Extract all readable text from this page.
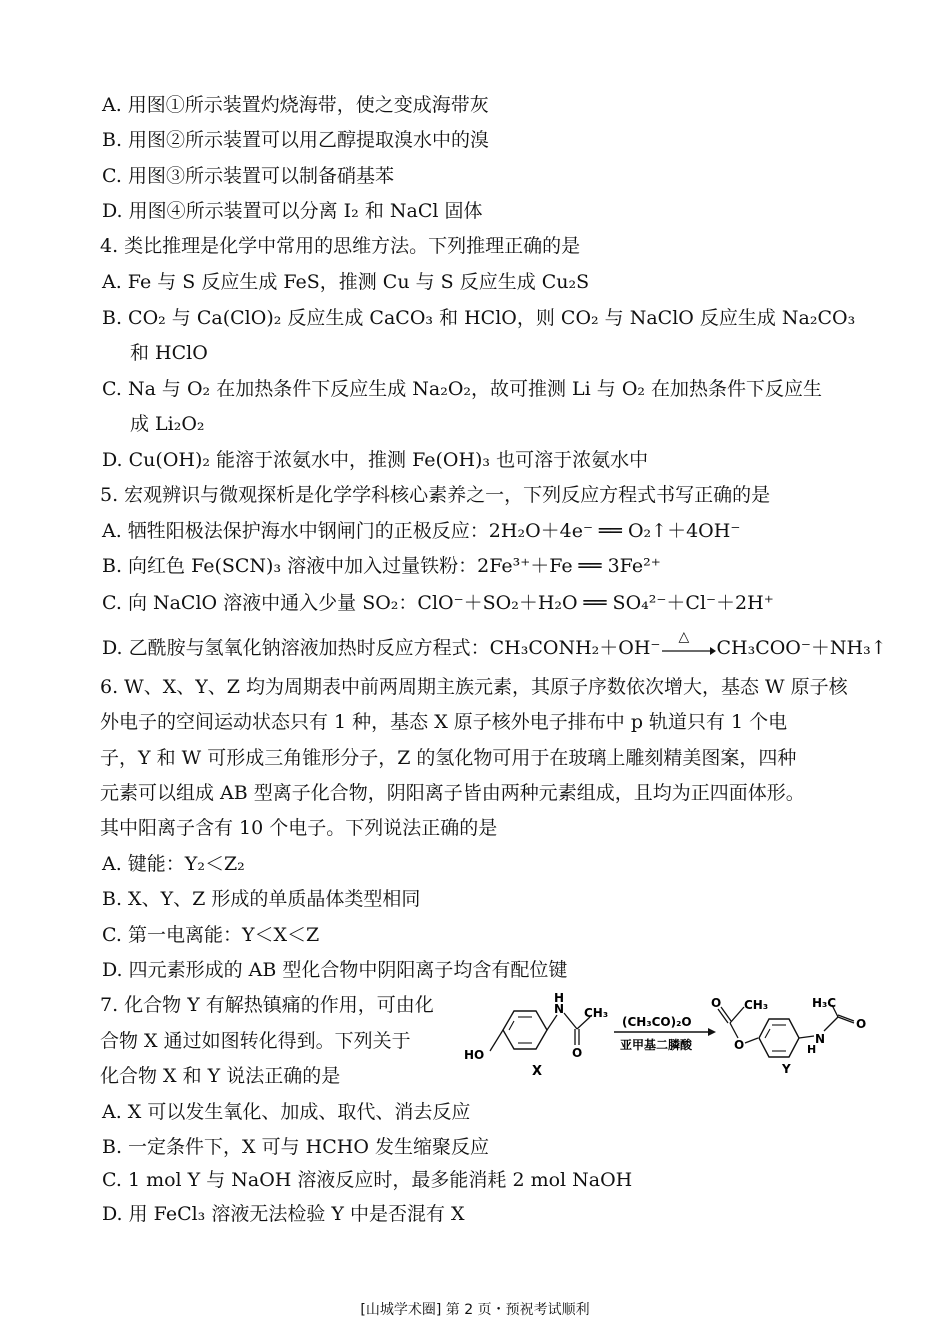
A. 用图①所示装置灼烧海带，使之变成海带灰
B. 用图②所示装置可以用乙醇提取溴水中的溴
C. 用图③所示装置可以制备硝基苯
D. 用图④所示装置可以分离 I₂ 和 NaCl 固体
4. 类比推理是化学中常用的思维方法。下列推理正确的是
A. Fe 与 S 反应生成 FeS，推测 Cu 与 S 反应生成 Cu₂S
B. CO₂ 与 Ca(ClO)₂ 反应生成 CaCO₃ 和 HClO，则 CO₂ 与 NaClO 反应生成 Na₂CO₃
和 HClO
C. Na 与 O₂ 在加热条件下反应生成 Na₂O₂，故可推测 Li 与 O₂ 在加热条件下反应生
成 Li₂O₂
D. Cu(OH)₂ 能溶于浓氨水中，推测 Fe(OH)₃ 也可溶于浓氨水中
5. 宏观辨识与微观探析是化学学科核心素养之一，下列反应方程式书写正确的是
A. 牺牲阳极法保护海水中钢闸门的正极反应：2H₂O＋4e⁻ ══ O₂↑＋4OH⁻
B. 向红色 Fe(SCN)₃ 溶液中加入过量铁粉：2Fe³⁺＋Fe ══ 3Fe²⁺
C. 向 NaClO 溶液中通入少量 SO₂：ClO⁻＋SO₂＋H₂O ══ SO₄²⁻＋Cl⁻＋2H⁺
D. 乙酰胺与氢氧化钠溶液加热时反应方程式：CH₃CONH₂＋OH⁻ △ CH₃COO⁻＋NH₃↑
6. W、X、Y、Z 均为周期表中前两周期主族元素，其原子序数依次增大，基态 W 原子核
外电子的空间运动状态只有 1 种，基态 X 原子核外电子排布中 p 轨道只有 1 个电
子，Y 和 W 可形成三角锥形分子，Z 的氢化物可用于在玻璃上雕刻精美图案，四种
元素可以组成 AB 型离子化合物，阴阳离子皆由两种元素组成，且均为正四面体形。
其中阳离子含有 10 个电子。下列说法正确的是
A. 键能：Y₂＜Z₂
B. X、Y、Z 形成的单质晶体类型相同
C. 第一电离能：Y＜X＜Z
D. 四元素形成的 AB 型化合物中阴阳离子均含有配位键
7. 化合物 Y 有解热镇痛的作用，可由化
合物 X 通过如图转化得到。下列关于
化合物 X 和 Y 说法正确的是
HO
N
H
O
CH₃
X
(CH₃CO)₂O
亚甲基二膦酸
CH₃
O
O	N
H
O
H₃C
Y
A. X 可以发生氧化、加成、取代、消去反应
B. 一定条件下，X 可与 HCHO 发生缩聚反应
C. 1 mol Y 与 NaOH 溶液反应时，最多能消耗 2 mol NaOH
D. 用 FeCl₃ 溶液无法检验 Y 中是否混有 X
[山城学术圈] 第 2 页・预祝考试顺利
